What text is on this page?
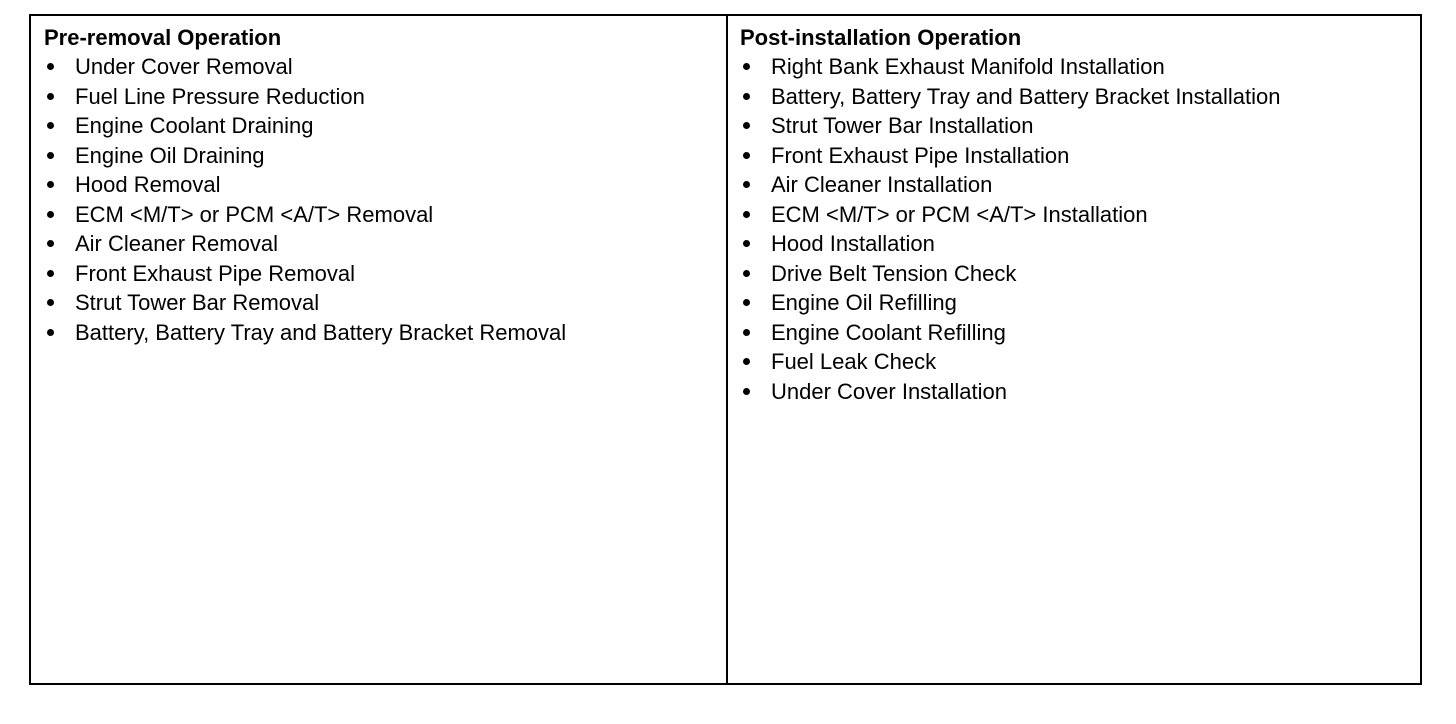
Pre-removal Operation

Under Cover Removal
Fuel Line Pressure Reduction
Engine Coolant Draining
Engine Oil Draining
Hood Removal
ECM <M/T> or PCM <A/T> Removal
Air Cleaner Removal
Front Exhaust Pipe Removal
Strut Tower Bar Removal
Battery, Battery Tray and Battery Bracket Removal

Post-installation Operation

Right Bank Exhaust Manifold Installation
Battery, Battery Tray and Battery Bracket Installation
Strut Tower Bar Installation
Front Exhaust Pipe Installation
Air Cleaner Installation
ECM <M/T> or PCM <A/T> Installation
Hood Installation
Drive Belt Tension Check
Engine Oil Refilling
Engine Coolant Refilling
Fuel Leak Check
Under Cover Installation
